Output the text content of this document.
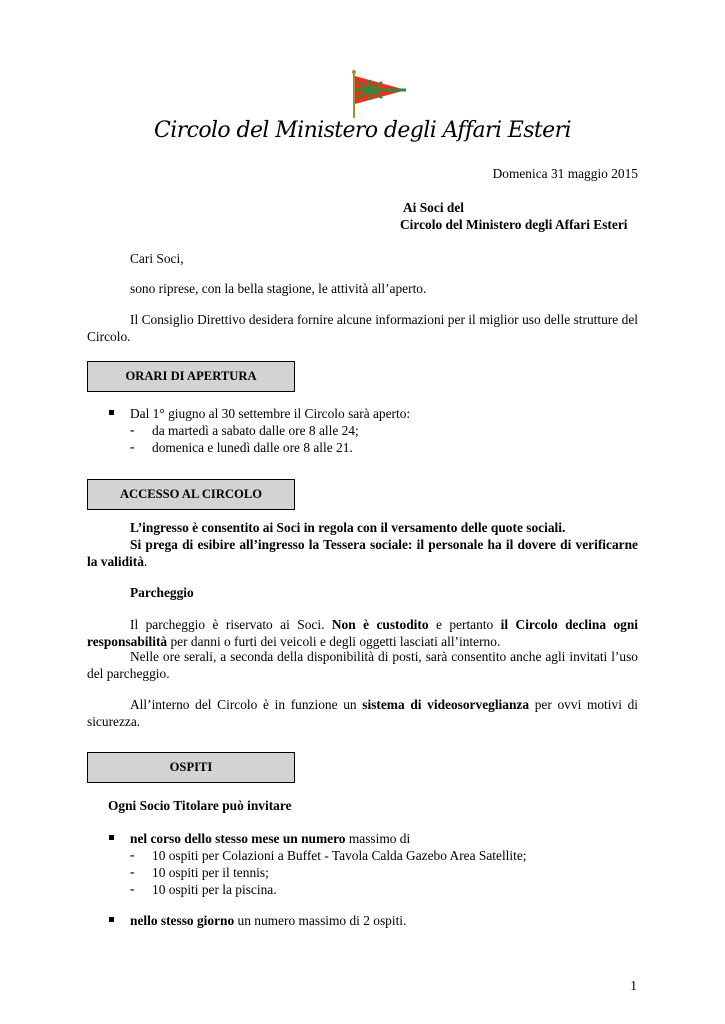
Circolo del Ministero degli Affari Esteri
Domenica 31 maggio 2015
Ai Soci del
Circolo del Ministero degli Affari Esteri
Cari Soci,
sono riprese, con la bella stagione, le attività all’aperto.
Il Consiglio Direttivo desidera fornire alcune informazioni per il miglior uso delle strutture del Circolo.
ORARI DI APERTURA
Dal 1° giugno al 30 settembre il Circolo sarà aperto:
- da martedì a sabato dalle ore 8 alle 24;
- domenica e lunedì dalle ore 8 alle 21.
ACCESSO AL CIRCOLO
L’ingresso è consentito ai Soci in regola con il versamento delle quote sociali.
Si prega di esibire all’ingresso la Tessera sociale: il personale ha il dovere di verificarne la validità.
Parcheggio
Il parcheggio è riservato ai Soci. Non è custodito e pertanto il Circolo declina ogni responsabilità per danni o furti dei veicoli e degli oggetti lasciati all’interno.
Nelle ore serali, a seconda della disponibilità di posti, sarà consentito anche agli invitati l’uso del parcheggio.
All’interno del Circolo è in funzione un sistema di videosorveglianza per ovvi motivi di sicurezza.
OSPITI
Ogni Socio Titolare può invitare
nel corso dello stesso mese un numero massimo di
- 10 ospiti per Colazioni a Buffet - Tavola Calda Gazebo Area Satellite;
- 10 ospiti per il tennis;
- 10 ospiti per la piscina.
nello stesso giorno un numero massimo di 2 ospiti.
1
